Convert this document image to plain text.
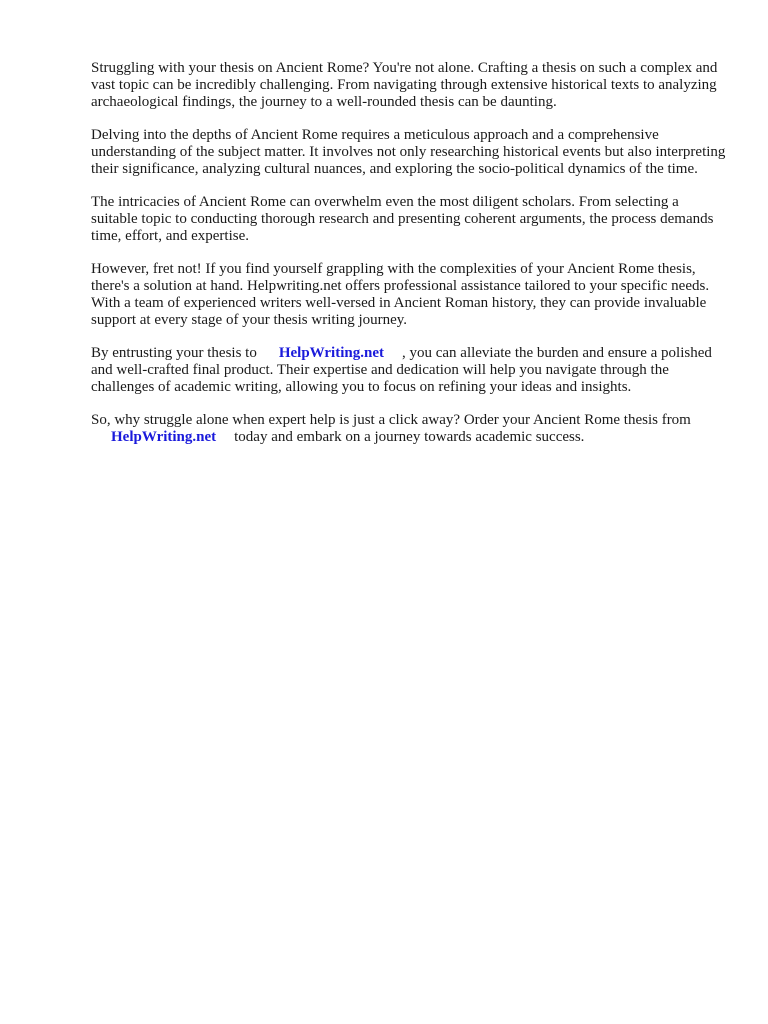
Struggling with your thesis on Ancient Rome? You're not alone. Crafting a thesis on such a complex and vast topic can be incredibly challenging. From navigating through extensive historical texts to analyzing archaeological findings, the journey to a well-rounded thesis can be daunting.

Delving into the depths of Ancient Rome requires a meticulous approach and a comprehensive understanding of the subject matter. It involves not only researching historical events but also interpreting their significance, analyzing cultural nuances, and exploring the socio-political dynamics of the time.

The intricacies of Ancient Rome can overwhelm even the most diligent scholars. From selecting a suitable topic to conducting thorough research and presenting coherent arguments, the process demands time, effort, and expertise.

However, fret not! If you find yourself grappling with the complexities of your Ancient Rome thesis, there's a solution at hand. Helpwriting.net offers professional assistance tailored to your specific needs. With a team of experienced writers well-versed in Ancient Roman history, they can provide invaluable support at every stage of your thesis writing journey.

By entrusting your thesis to HelpWriting.net , you can alleviate the burden and ensure a polished and well-crafted final product. Their expertise and dedication will help you navigate through the challenges of academic writing, allowing you to focus on refining your ideas and insights.

So, why struggle alone when expert help is just a click away? Order your Ancient Rome thesis from
HelpWriting.net today and embark on a journey towards academic success.
